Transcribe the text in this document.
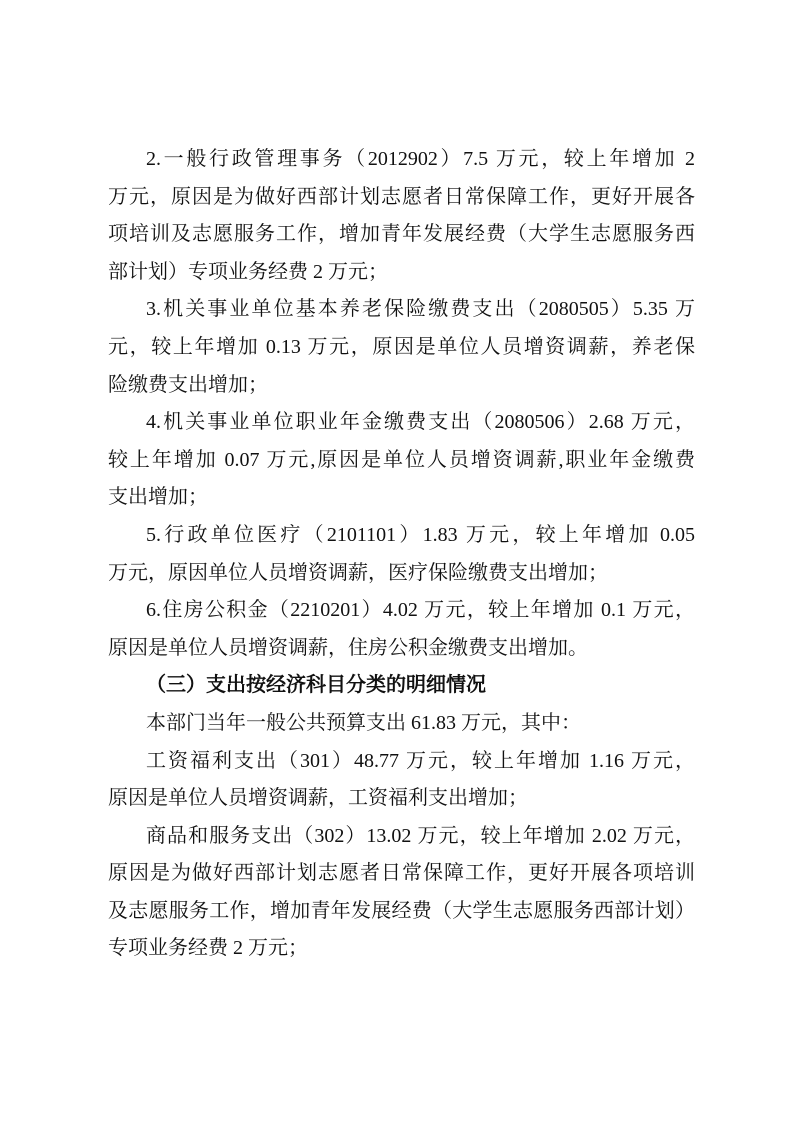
2.一般行政管理事务（2012902）7.5 万元，较上年增加 2
万元，原因是为做好西部计划志愿者日常保障工作，更好开展各
项培训及志愿服务工作，增加青年发展经费（大学生志愿服务西
部计划）专项业务经费 2 万元；
3.机关事业单位基本养老保险缴费支出（2080505）5.35 万
元，较上年增加 0.13 万元，原因是单位人员增资调薪，养老保
险缴费支出增加；
4.机关事业单位职业年金缴费支出（2080506）2.68 万元，
较上年增加 0.07 万元,原因是单位人员增资调薪,职业年金缴费
支出增加；
5.行政单位医疗（2101101）1.83 万元，较上年增加 0.05
万元，原因单位人员增资调薪，医疗保险缴费支出增加；
6.住房公积金（2210201）4.02 万元，较上年增加 0.1 万元，
原因是单位人员增资调薪，住房公积金缴费支出增加。
（三）支出按经济科目分类的明细情况
本部门当年一般公共预算支出 61.83 万元，其中：
工资福利支出（301）48.77 万元，较上年增加 1.16 万元，
原因是单位人员增资调薪，工资福利支出增加；
商品和服务支出（302）13.02 万元，较上年增加 2.02 万元，
原因是为做好西部计划志愿者日常保障工作，更好开展各项培训
及志愿服务工作，增加青年发展经费（大学生志愿服务西部计划）
专项业务经费 2 万元；
